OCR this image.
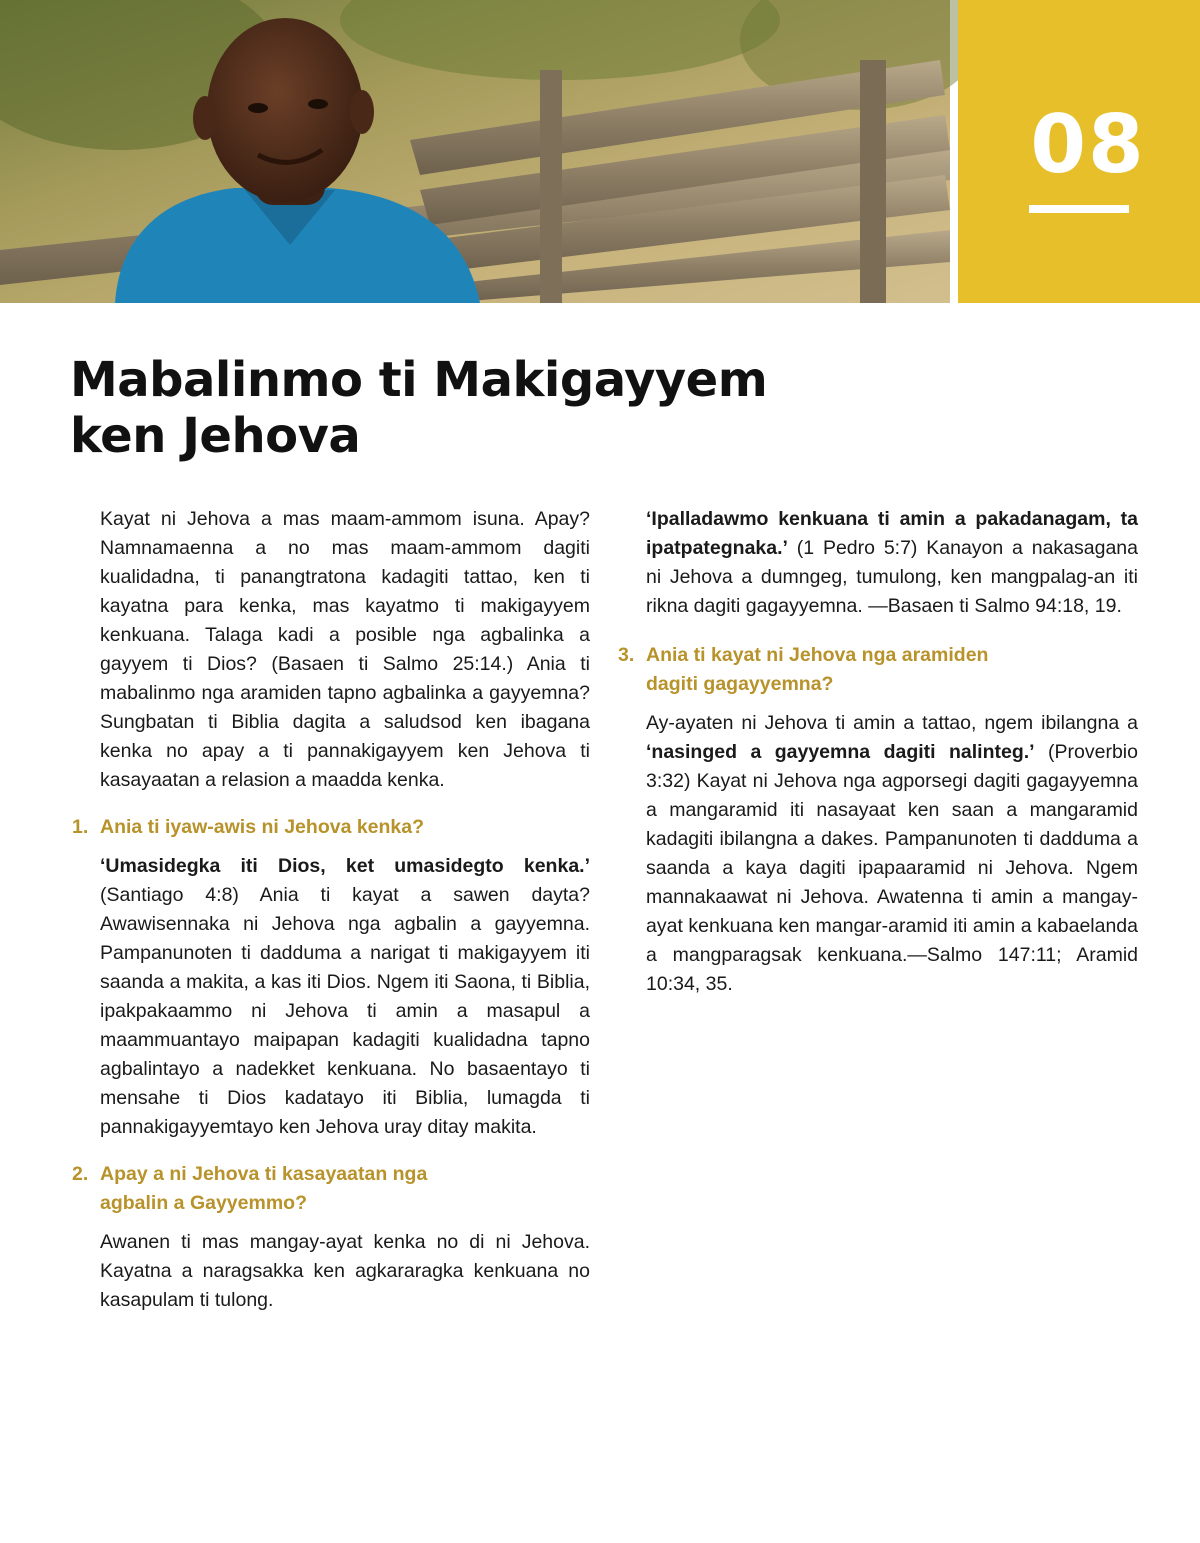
08
Mabalinmo ti Makigayyem
ken Jehova

Kayat ni Jehova a mas maam-ammom isuna. Apay? Namnamaenna a no mas maam-ammom dagiti kualidadna, ti panangtratona kadagiti tattao, ken ti kayatna para kenka, mas kayatmo ti makigayyem kenkuana. Talaga kadi a posible nga agbalinka a gayyem ti Dios? (Basaen ti Salmo 25:14.) Ania ti mabalinmo nga aramiden tapno agbalinka a gayyemna? Sungbatan ti Biblia dagita a saludsod ken ibagana kenka no apay a ti pannakigayyem ken Jehova ti kasayaatan a relasion a maadda kenka.

1. Ania ti iyaw-awis ni Jehova kenka?

‘Umasidegka iti Dios, ket umasidegto kenka.’ (Santiago 4:8) Ania ti kayat a sawen dayta? Awawisennaka ni Jehova nga agbalin a gayyemna. Pampanunoten ti dadduma a narigat ti makigayyem iti saanda a makita, a kas iti Dios. Ngem iti Saona, ti Biblia, ipakpakaammo ni Jehova ti amin a masapul a maammuantayo maipapan kadagiti kualidadna tapno agbalintayo a nadekket kenkuana. No basaentayo ti mensahe ti Dios kadatayo iti Biblia, lumagda ti pannakigayyemtayo ken Jehova uray ditay makita.

2. Apay a ni Jehova ti kasayaatan nga
agbalin a Gayyemmo?

Awanen ti mas mangay-ayat kenka no di ni Jehova. Kayatna a naragsakka ken agkararagka kenkuana no kasapulam ti tulong.

‘Ipalladawmo kenkuana ti amin a pakadanagam, ta ipatpategnaka.’ (1 Pedro 5:7) Kanayon a nakasagana ni Jehova a dumngeg, tumulong, ken mangpalag-an iti rikna dagiti gagayyemna. —Basaen ti Salmo 94:18, 19.

3. Ania ti kayat ni Jehova nga aramiden
dagiti gagayyemna?

Ay-ayaten ni Jehova ti amin a tattao, ngem ibilangna a ‘nasinged a gayyemna dagiti nalinteg.’ (Proverbio 3:32) Kayat ni Jehova nga agporsegi dagiti gagayyemna a mangaramid iti nasayaat ken saan a mangaramid kadagiti ibilangna a dakes. Pampanunoten ti dadduma a saanda a kaya dagiti ipapaaramid ni Jehova. Ngem mannakaawat ni Jehova. Awatenna ti amin a mangay-ayat kenkuana ken mangar-aramid iti amin a kabaelanda a mangparagsak kenkuana.—Salmo 147:11; Aramid 10:34, 35.
